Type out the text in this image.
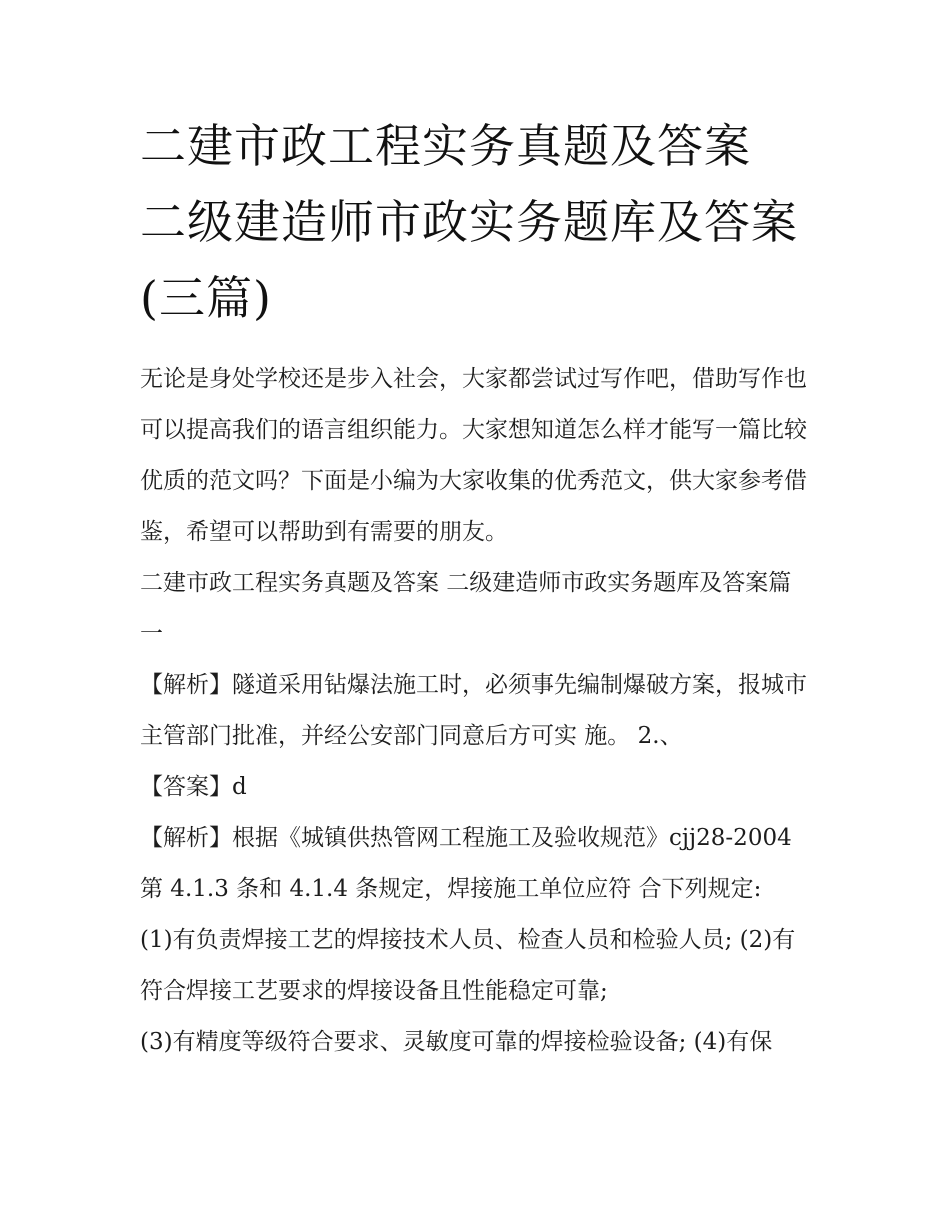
二建市政工程实务真题及答案 二级建造师市政实务题库及答案(三篇)

无论是身处学校还是步入社会，大家都尝试过写作吧，借助写作也可以提高我们的语言组织能力。大家想知道怎么样才能写一篇比较优质的范文吗？下面是小编为大家收集的优秀范文，供大家参考借鉴，希望可以帮助到有需要的朋友。

二建市政工程实务真题及答案 二级建造师市政实务题库及答案篇一

【解析】隧道采用钻爆法施工时，必须事先编制爆破方案，报城市主管部门批准，并经公安部门同意后方可实 施。 2.、

【答案】d

【解析】根据《城镇供热管网工程施工及验收规范》cjj28-2004 第 4.1.3 条和 4.1.4 条规定，焊接施工单位应符 合下列规定:

(1)有负责焊接工艺的焊接技术人员、检查人员和检验人员; (2)有符合焊接工艺要求的焊接设备且性能稳定可靠;

(3)有精度等级符合要求、灵敏度可靠的焊接检验设备; (4)有保
